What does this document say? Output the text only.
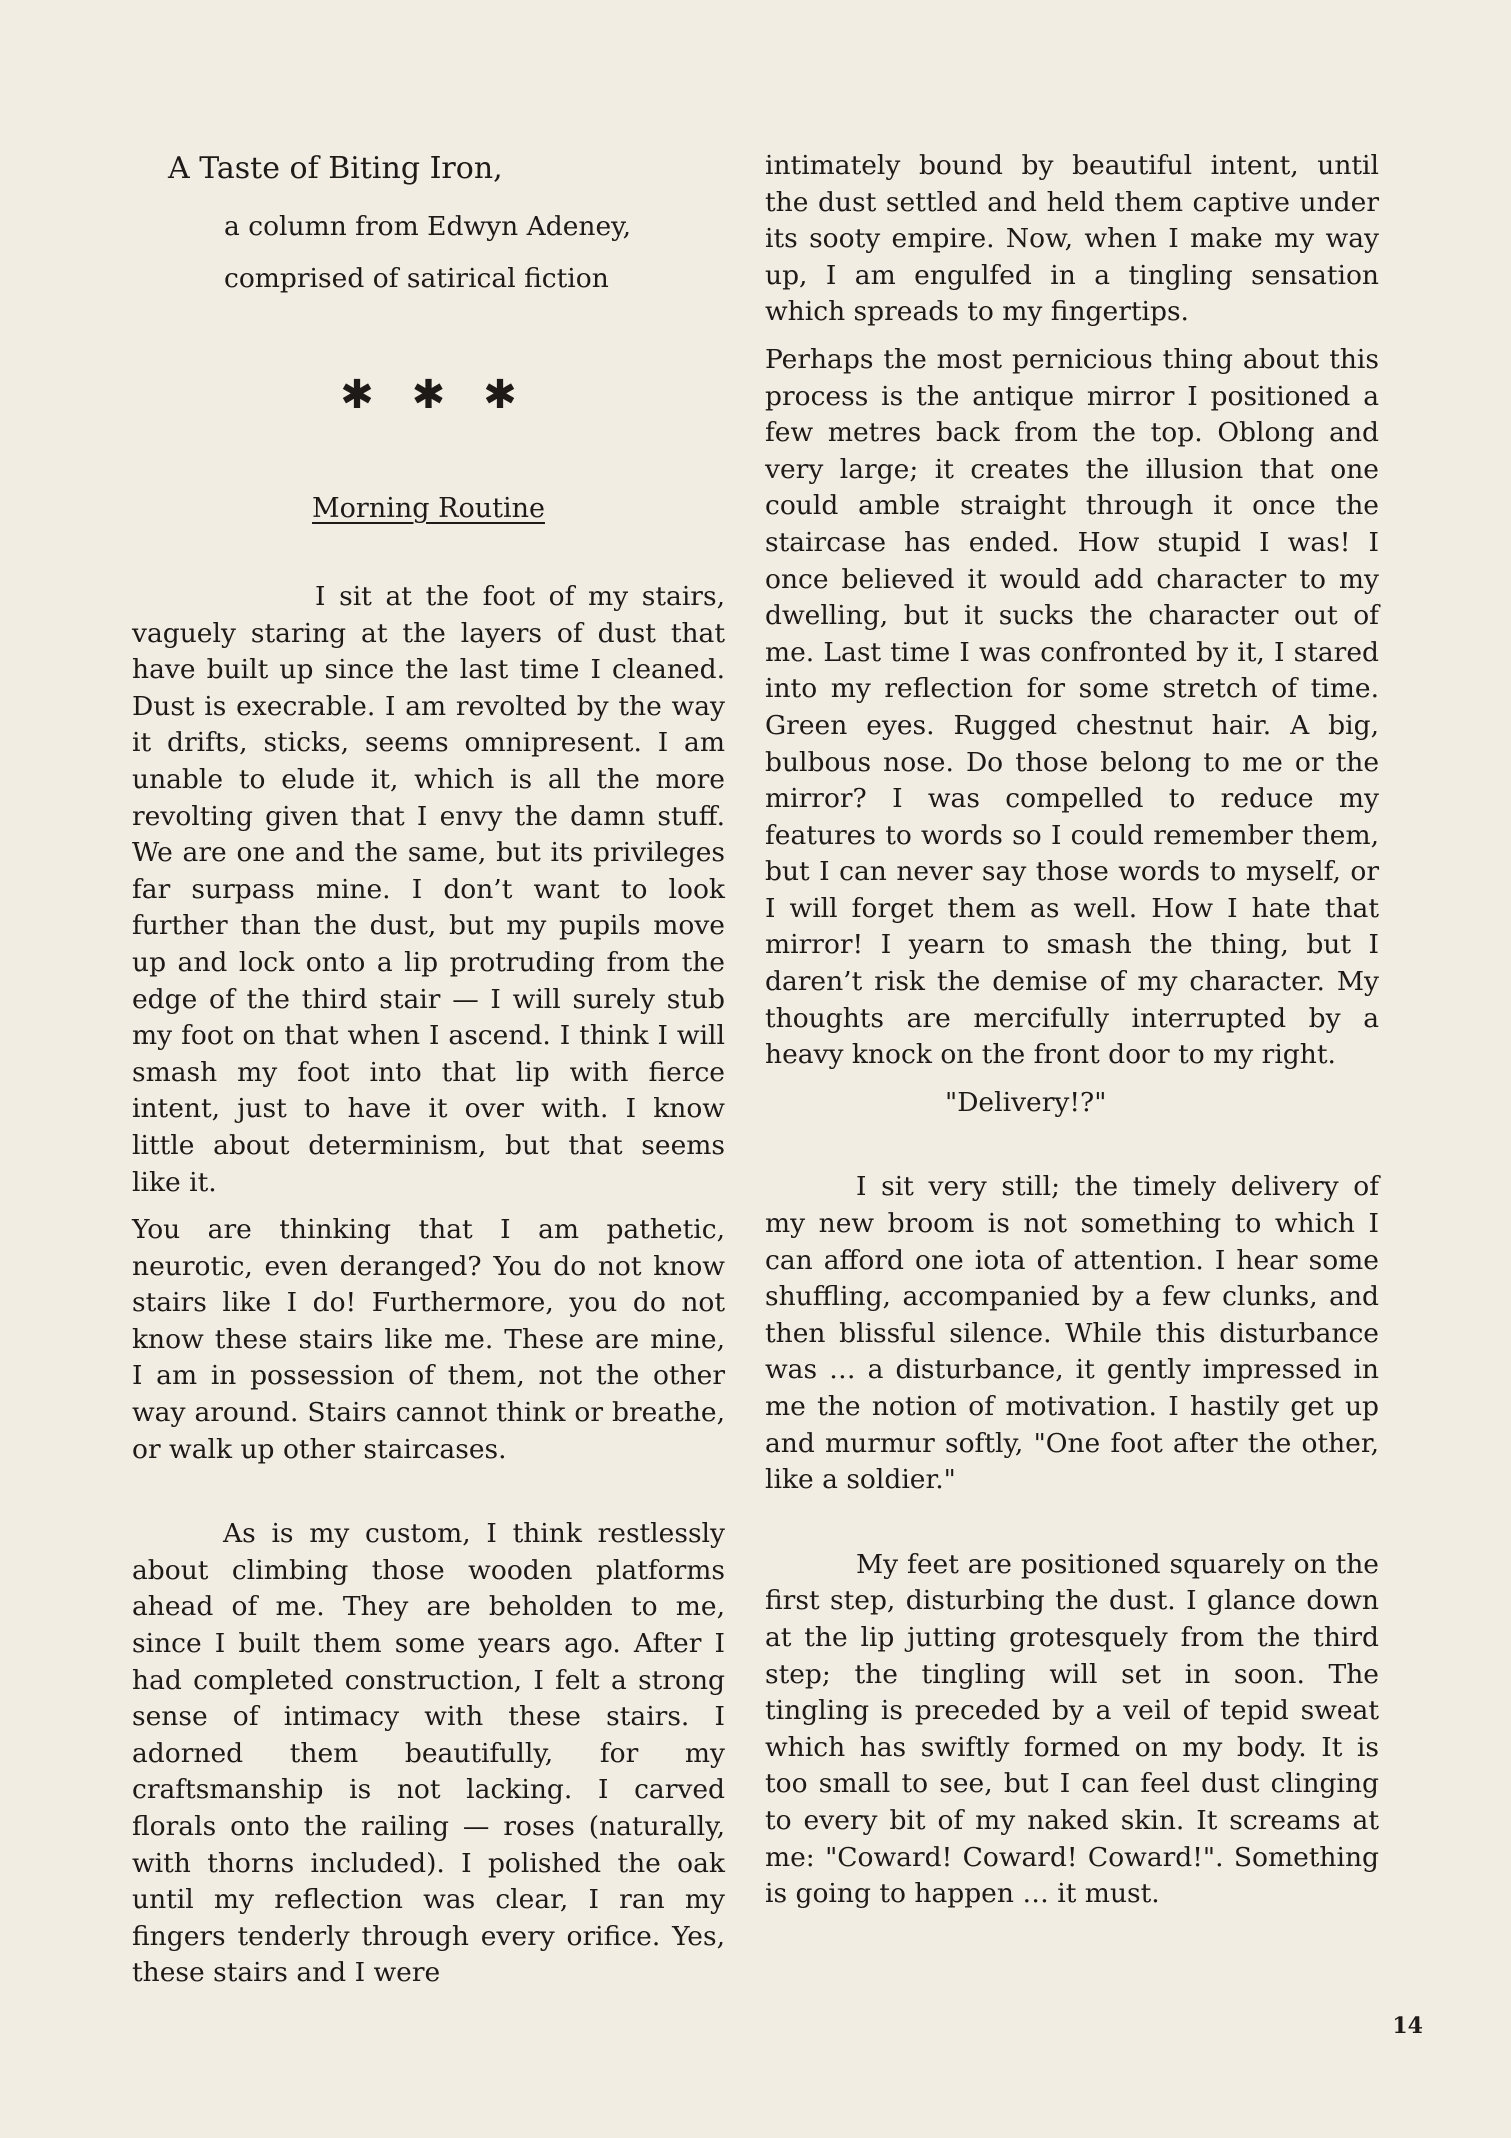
A Taste of Biting Iron,
a column from Edwyn Adeney,
comprised of satirical fiction
✱ ✱ ✱
Morning Routine

I sit at the foot of my stairs, vaguely staring at the layers of dust that have built up since the last time I cleaned. Dust is execrable. I am revolted by the way it drifts, sticks, seems omnipresent. I am unable to elude it, which is all the more revolting given that I envy the damn stuff. We are one and the same, but its privileges far surpass mine. I don’t want to look further than the dust, but my pupils move up and lock onto a lip protruding from the edge of the third stair — I will surely stub my foot on that when I ascend. I think I will smash my foot into that lip with fierce intent, just to have it over with. I know little about determinism, but that seems like it.

You are thinking that I am pathetic, neurotic, even deranged? You do not know stairs like I do! Furthermore, you do not know these stairs like me. These are mine, I am in possession of them, not the other way around. Stairs cannot think or breathe, or walk up other staircases.

As is my custom, I think restlessly about climbing those wooden platforms ahead of me. They are beholden to me, since I built them some years ago. After I had completed construction, I felt a strong sense of intimacy with these stairs. I adorned them beautifully, for my craftsmanship is not lacking. I carved florals onto the railing — roses (naturally, with thorns included). I polished the oak until my reflection was clear, I ran my fingers tenderly through every orifice. Yes, these stairs and I were

intimately bound by beautiful intent, until the dust settled and held them captive under its sooty empire. Now, when I make my way up, I am engulfed in a tingling sensation which spreads to my fingertips.

Perhaps the most pernicious thing about this process is the antique mirror I positioned a few metres back from the top. Oblong and very large; it creates the illusion that one could amble straight through it once the staircase has ended. How stupid I was! I once believed it would add character to my dwelling, but it sucks the character out of me. Last time I was confronted by it, I stared into my reflection for some stretch of time. Green eyes. Rugged chestnut hair. A big, bulbous nose. Do those belong to me or the mirror? I was compelled to reduce my features to words so I could remember them, but I can never say those words to myself, or I will forget them as well. How I hate that mirror! I yearn to smash the thing, but I daren’t risk the demise of my character. My thoughts are mercifully interrupted by a heavy knock on the front door to my right.

"Delivery!?"

I sit very still; the timely delivery of my new broom is not something to which I can afford one iota of attention. I hear some shuffling, accompanied by a few clunks, and then blissful silence. While this disturbance was … a disturbance, it gently impressed in me the notion of motivation. I hastily get up and murmur softly, "One foot after the other, like a soldier."

My feet are positioned squarely on the first step, disturbing the dust. I glance down at the lip jutting grotesquely from the third step; the tingling will set in soon. The tingling is preceded by a veil of tepid sweat which has swiftly formed on my body. It is too small to see, but I can feel dust clinging to every bit of my naked skin. It screams at me: "Coward! Coward! Coward!". Something is going to happen … it must.

14
